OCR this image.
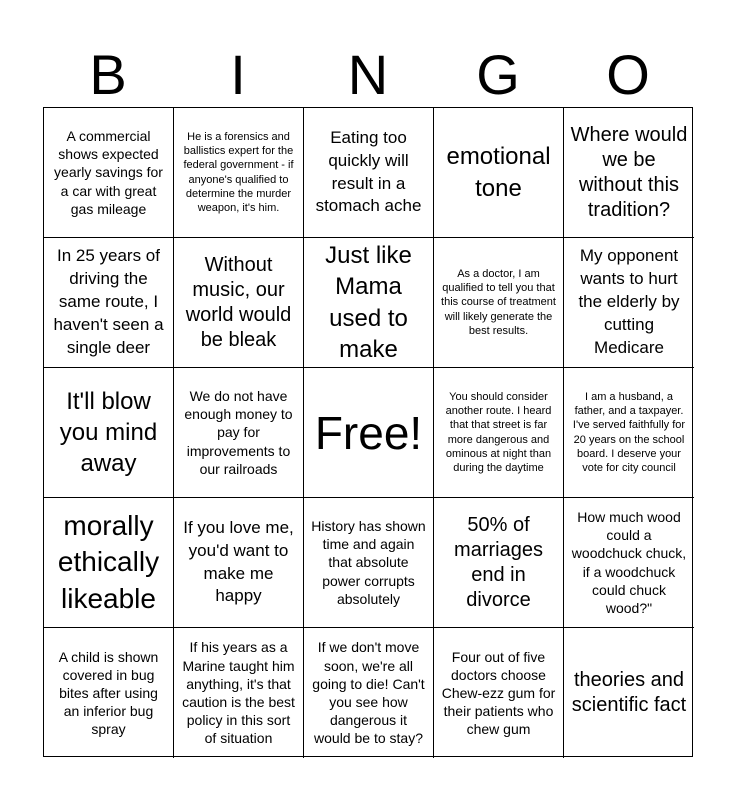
B	I	N	G	O
A commercial shows expected yearly savings for a car with great gas mileage
He is a forensics and ballistics expert for the federal government - if anyone's qualified to determine the murder weapon, it's him.
Eating too quickly will result in a stomach ache
emotional tone
Where would we be without this tradition?
In 25 years of driving the same route, I haven't seen a single deer
Without music, our world would be bleak
Just like Mama used to make
As a doctor, I am qualified to tell you that this course of treatment will likely generate the best results.
My opponent wants to hurt the elderly by cutting Medicare
It'll blow you mind away
We do not have enough money to pay for improvements to our railroads
Free!
You should consider another route. I heard that that street is far more dangerous and ominous at night than during the daytime
I am a husband, a father, and a taxpayer. I've served faithfully for 20 years on the school board. I deserve your vote for city council
morally ethically likeable
If you love me, you'd want to make me happy
History has shown time and again that absolute power corrupts absolutely
50% of marriages end in divorce
How much wood could a woodchuck chuck, if a woodchuck could chuck wood?"
A child is shown covered in bug bites after using an inferior bug spray
If his years as a Marine taught him anything, it's that caution is the best policy in this sort of situation
If we don't move soon, we're all going to die! Can't you see how dangerous it would be to stay?
Four out of five doctors choose Chew-ezz gum for their patients who chew gum
theories and scientific fact
